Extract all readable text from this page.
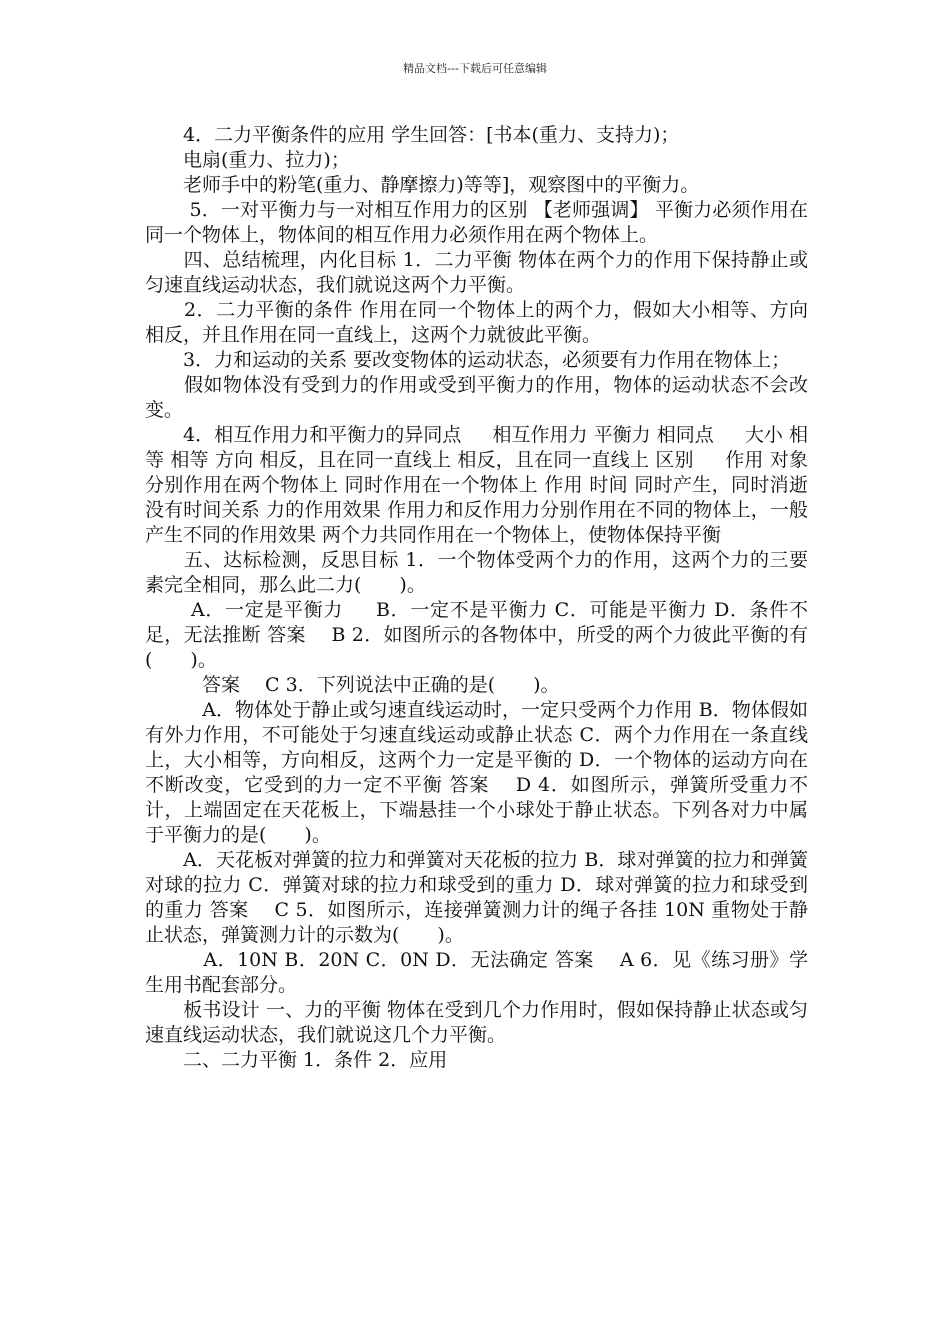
精品文档---下载后可任意编辑

　　4．二力平衡条件的应用 学生回答：[书本(重力、支持力)；

　　电扇(重力、拉力)；

　　老师手中的粉笔(重力、静摩擦力)等等]，观察图中的平衡力。

　　 5．一对平衡力与一对相互作用力的区别 【老师强调】 平衡力必须作用在同一个物体上，物体间的相互作用力必须作用在两个物体上。

　　四、总结梳理，内化目标 1．二力平衡 物体在两个力的作用下保持静止或匀速直线运动状态，我们就说这两个力平衡。

　　2．二力平衡的条件 作用在同一个物体上的两个力，假如大小相等、方向相反，并且作用在同一直线上，这两个力就彼此平衡。

　　3．力和运动的关系 要改变物体的运动状态，必须要有力作用在物体上；

　　假如物体没有受到力的作用或受到平衡力的作用，物体的运动状态不会改变。

　　4．相互作用力和平衡力的异同点 　 相互作用力 平衡力 相同点 　 大小 相等 相等 方向 相反，且在同一直线上 相反，且在同一直线上 区别 　 作用 对象 分别作用在两个物体上 同时作用在一个物体上 作用 时间 同时产生，同时消逝 没有时间关系 力的作用效果 作用力和反作用力分别作用在不同的物体上，一般产生不同的作用效果 两个力共同作用在一个物体上，使物体保持平衡

　　五、达标检测，反思目标 1．一个物体受两个力的作用，这两个力的三要素完全相同，那么此二力(　　)。

　　 A．一定是平衡力 　 B．一定不是平衡力 C．可能是平衡力 D．条件不足，无法推断 答案 　B 2．如图所示的各物体中，所受的两个力彼此平衡的有(　　)。

　　　答案 　C 3．下列说法中正确的是(　　)。

　　　A．物体处于静止或匀速直线运动时，一定只受两个力作用 B．物体假如有外力作用，不可能处于匀速直线运动或静止状态 C．两个力作用在一条直线上，大小相等，方向相反，这两个力一定是平衡的 D．一个物体的运动方向在不断改变，它受到的力一定不平衡 答案 　D 4．如图所示，弹簧所受重力不计，上端固定在天花板上，下端悬挂一个小球处于静止状态。下列各对力中属于平衡力的是(　　)。

　　A．天花板对弹簧的拉力和弹簧对天花板的拉力 B．球对弹簧的拉力和弹簧对球的拉力 C．弹簧对球的拉力和球受到的重力 D．球对弹簧的拉力和球受到的重力 答案 　C 5．如图所示，连接弹簧测力计的绳子各挂 10N 重物处于静止状态，弹簧测力计的示数为(　　)。

　　　A．10N B．20N C．0N D．无法确定 答案 　A 6．见《练习册》学生用书配套部分。

　　板书设计 一、力的平衡 物体在受到几个力作用时，假如保持静止状态或匀速直线运动状态，我们就说这几个力平衡。

　　二、二力平衡 1．条件 2．应用
